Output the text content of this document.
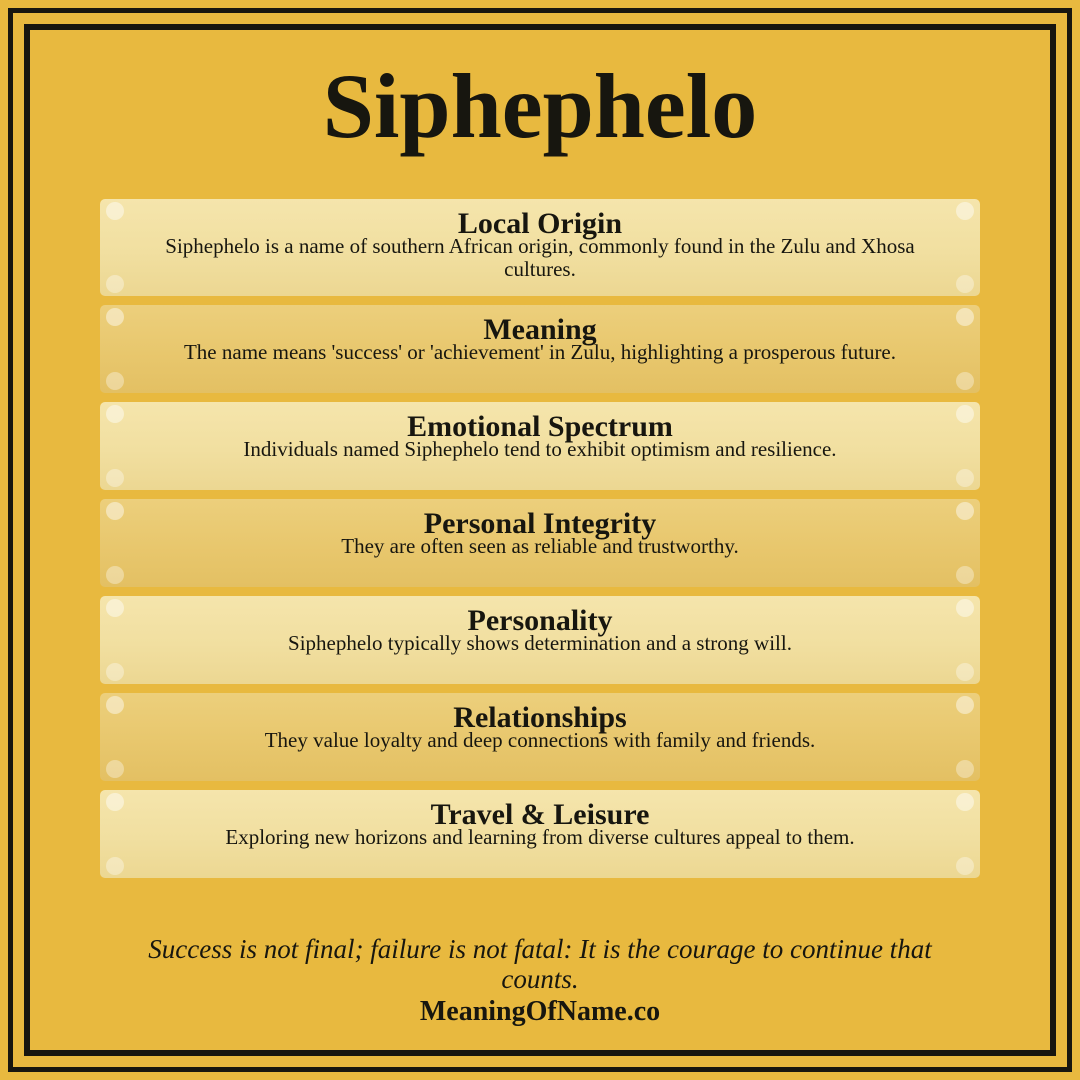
Siphephelo
Local Origin
Siphephelo is a name of southern African origin, commonly found in the Zulu and Xhosa cultures.
Meaning
The name means 'success' or 'achievement' in Zulu, highlighting a prosperous future.
Emotional Spectrum
Individuals named Siphephelo tend to exhibit optimism and resilience.
Personal Integrity
They are often seen as reliable and trustworthy.
Personality
Siphephelo typically shows determination and a strong will.
Relationships
They value loyalty and deep connections with family and friends.
Travel & Leisure
Exploring new horizons and learning from diverse cultures appeal to them.
Success is not final; failure is not fatal: It is the courage to continue that counts.
MeaningOfName.co
